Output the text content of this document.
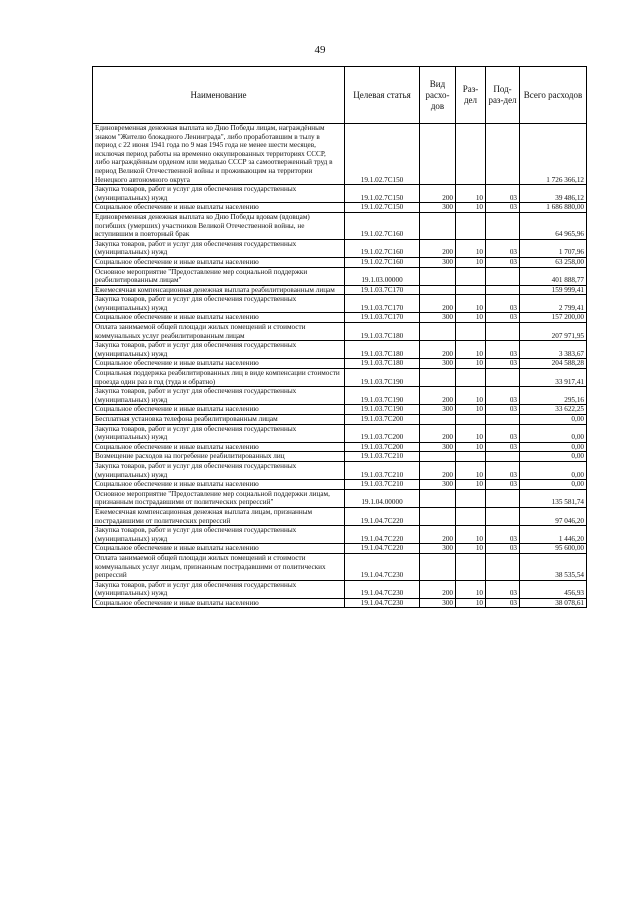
49
Наименование	Целевая статья	Вид расхо-дов	Раз-дел	Под-раз-дел	Всего расходов
Единовременная денежная выплата ко Дню Победы лицам, награждённым знаком "Жителю блокадного Ленинграда", либо проработавшим в тылу в период с 22 июня 1941 года по 9 мая 1945 года не менее шести месяцев, исключая период работы на временно оккупированных территориях СССР, либо награждённым орденом или медалью СССР за самоотверженный труд в период Великой Отечественной войны и проживающим на территории Ненецкого автономного округа	19.1.02.7С150				1 726 366,12
Закупка товаров, работ и услуг для обеспечения государственных (муниципальных) нужд	19.1.02.7С150	200	10	03	39 486,12
Социальное обеспечение и иные выплаты населению	19.1.02.7С150	300	10	03	1 686 880,00
Единовременная денежная выплата ко Дню Победы вдовам (вдовцам) погибших (умерших) участников Великой Отечественной войны, не вступившим в повторный брак	19.1.02.7С160				64 965,96
Закупка товаров, работ и услуг для обеспечения государственных (муниципальных) нужд	19.1.02.7С160	200	10	03	1 707,96
Социальное обеспечение и иные выплаты населению	19.1.02.7С160	300	10	03	63 258,00
Основное мероприятие "Предоставление мер социальной поддержки реабилитированным лицам"	19.1.03.00000				401 888,77
Ежемесячная компенсационная денежная выплата реабилитированным лицам	19.1.03.7С170				159 999,41
Закупка товаров, работ и услуг для обеспечения государственных (муниципальных) нужд	19.1.03.7С170	200	10	03	2 799,41
Социальное обеспечение и иные выплаты населению	19.1.03.7С170	300	10	03	157 200,00
Оплата занимаемой общей площади жилых помещений и стоимости коммунальных услуг реабилитированным лицам	19.1.03.7С180				207 971,95
Закупка товаров, работ и услуг для обеспечения государственных (муниципальных) нужд	19.1.03.7С180	200	10	03	3 383,67
Социальное обеспечение и иные выплаты населению	19.1.03.7С180	300	10	03	204 588,28
Социальная поддержка реабилитированных лиц в виде компенсации стоимости проезда один раз в год (туда и обратно)	19.1.03.7С190				33 917,41
Закупка товаров, работ и услуг для обеспечения государственных (муниципальных) нужд	19.1.03.7С190	200	10	03	295,16
Социальное обеспечение и иные выплаты населению	19.1.03.7С190	300	10	03	33 622,25
Бесплатная установка телефона реабилитированным лицам	19.1.03.7С200				0,00
Закупка товаров, работ и услуг для обеспечения государственных (муниципальных) нужд	19.1.03.7С200	200	10	03	0,00
Социальное обеспечение и иные выплаты населению	19.1.03.7С200	300	10	03	0,00
Возмещение расходов на погребение реабилитированных лиц	19.1.03.7С210				0,00
Закупка товаров, работ и услуг для обеспечения государственных (муниципальных) нужд	19.1.03.7С210	200	10	03	0,00
Социальное обеспечение и иные выплаты населению	19.1.03.7С210	300	10	03	0,00
Основное мероприятие "Предоставление мер социальной поддержки лицам, признанным пострадавшими от политических репрессий"	19.1.04.00000				135 581,74
Ежемесячная компенсационная денежная выплата лицам, признанным пострадавшими от политических репрессий	19.1.04.7С220				97 046,20
Закупка товаров, работ и услуг для обеспечения государственных (муниципальных) нужд	19.1.04.7С220	200	10	03	1 446,20
Социальное обеспечение и иные выплаты населению	19.1.04.7С220	300	10	03	95 600,00
Оплата занимаемой общей площади жилых помещений и стоимости коммунальных услуг лицам, признанным пострадавшими от политических репрессий	19.1.04.7С230				38 535,54
Закупка товаров, работ и услуг для обеспечения государственных (муниципальных) нужд	19.1.04.7С230	200	10	03	456,93
Социальное обеспечение и иные выплаты населению	19.1.04.7С230	300	10	03	38 078,61
